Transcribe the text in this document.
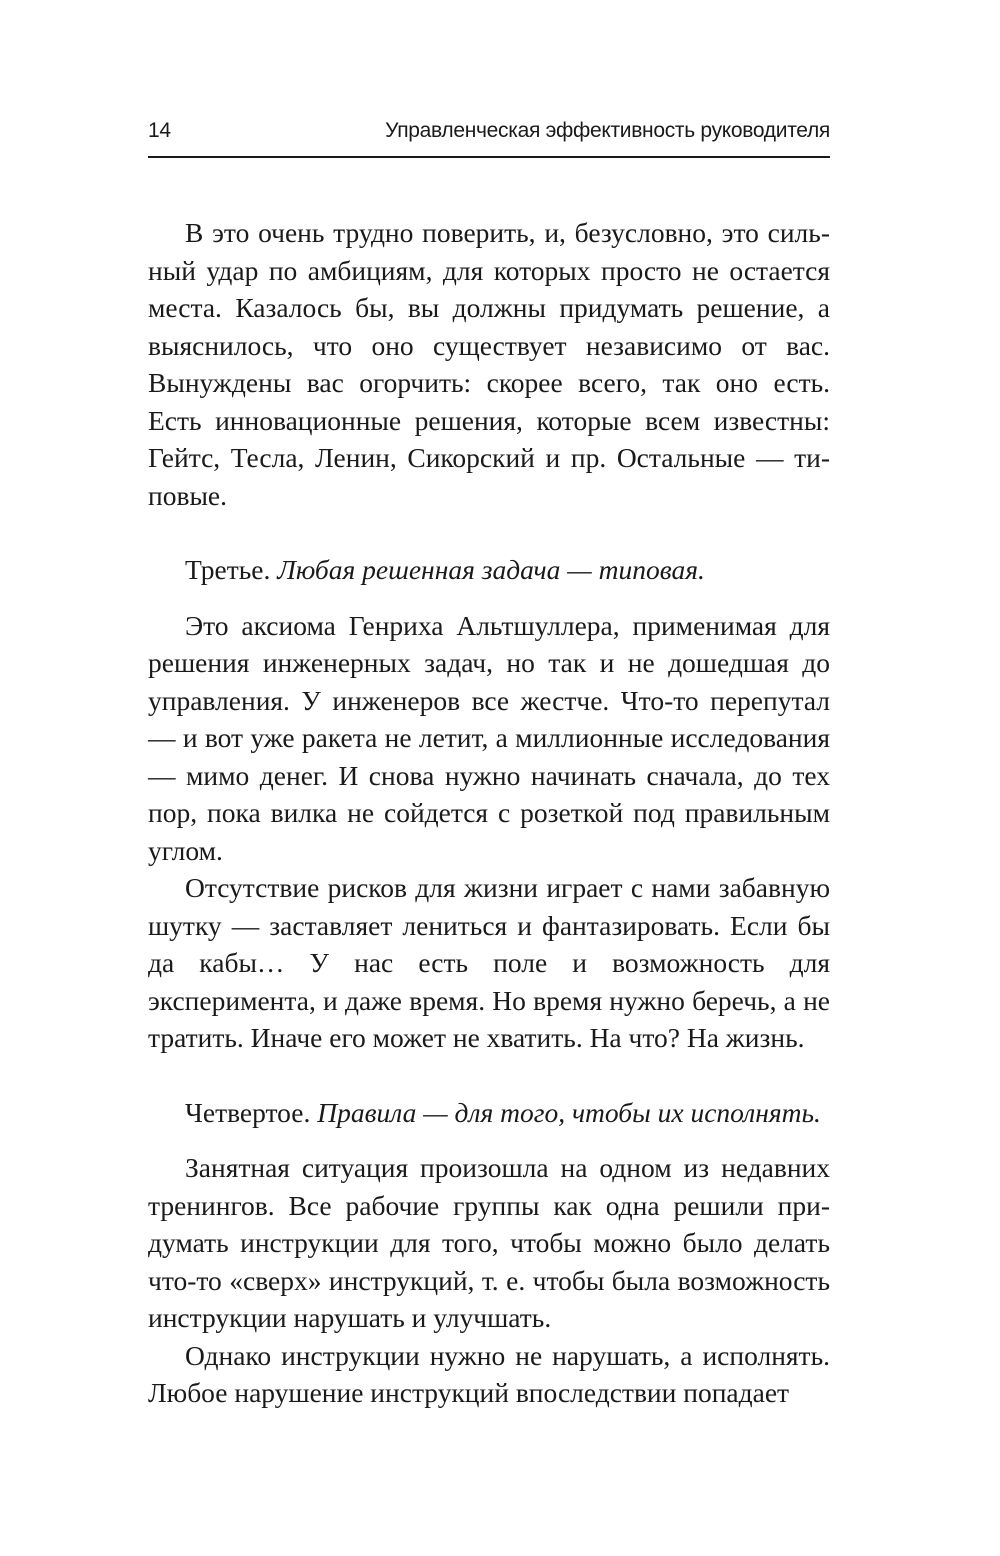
14	Управленческая эффективность руководителя

В это очень трудно поверить, и, безусловно, это сильный удар по амбициям, для которых просто не остается места. Казалось бы, вы должны придумать решение, а выяснилось, что оно существует независимо от вас. Вынуждены вас огорчить: скорее всего, так оно есть. Есть инновационные решения, которые всем известны: Гейтс, Тесла, Ленин, Сикорский и пр. Остальные — типовые.

Третье. Любая решенная задача — типовая.

Это аксиома Генриха Альтшуллера, применимая для решения инженерных задач, но так и не дошедшая до управления. У инженеров все жестче. Что-то перепутал — и вот уже ракета не летит, а миллионные исследования — мимо денег. И снова нужно начинать сначала, до тех пор, пока вилка не сойдется с розеткой под правильным углом.

Отсутствие рисков для жизни играет с нами забавную шутку — заставляет лениться и фантазировать. Если бы да кабы… У нас есть поле и возможность для эксперимента, и даже время. Но время нужно беречь, а не тратить. Иначе его может не хватить. На что? На жизнь.

Четвертое. Правила — для того, чтобы их исполнять.

Занятная ситуация произошла на одном из недавних тренингов. Все рабочие группы как одна решили придумать инструкции для того, чтобы можно было делать что-то «сверх» инструкций, т. е. чтобы была возможность инструкции нарушать и улучшать.

Однако инструкции нужно не нарушать, а исполнять. Любое нарушение инструкций впоследствии попадает
